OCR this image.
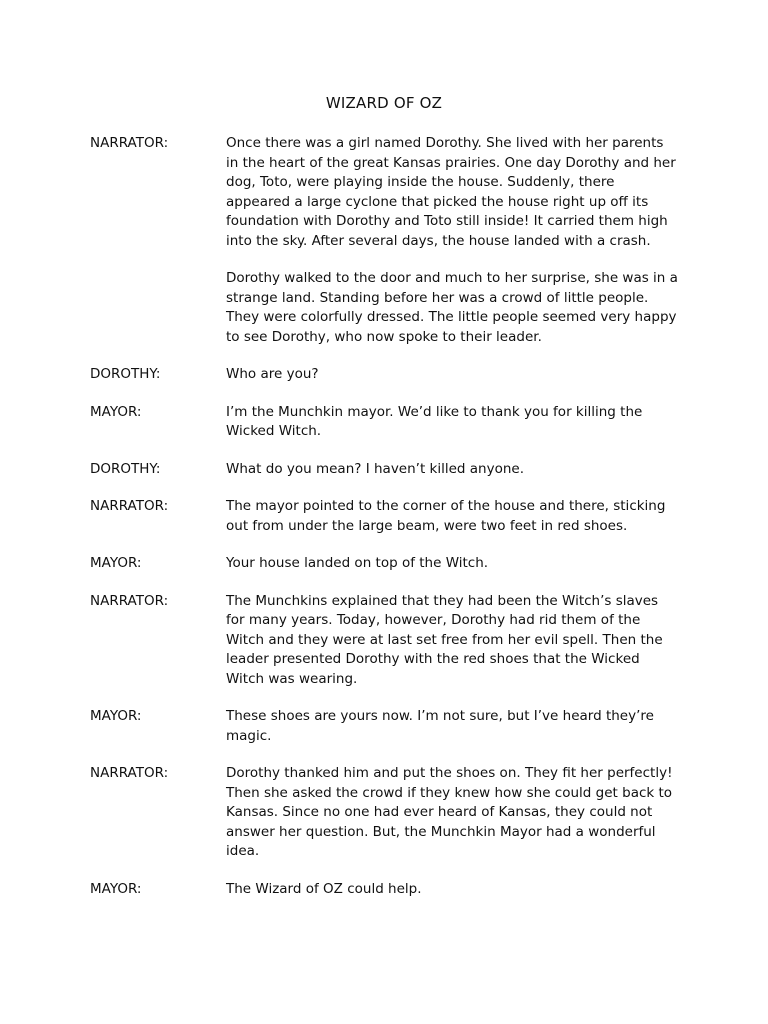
WIZARD OF OZ
NARRATOR:	Once there was a girl named Dorothy. She lived with her parents in the heart of the great Kansas prairies. One day Dorothy and her dog, Toto, were playing inside the house. Suddenly, there appeared a large cyclone that picked the house right up off its foundation with Dorothy and Toto still inside! It carried them high into the sky. After several days, the house landed with a crash.

Dorothy walked to the door and much to her surprise, she was in a strange land. Standing before her was a crowd of little people. They were colorfully dressed. The little people seemed very happy to see Dorothy, who now spoke to their leader.

DOROTHY:	Who are you?

MAYOR:	I’m the Munchkin mayor. We’d like to thank you for killing the Wicked Witch.

DOROTHY:	What do you mean? I haven’t killed anyone.

NARRATOR:	The mayor pointed to the corner of the house and there, sticking out from under the large beam, were two feet in red shoes.

MAYOR:	Your house landed on top of the Witch.

NARRATOR:	The Munchkins explained that they had been the Witch’s slaves for many years. Today, however, Dorothy had rid them of the Witch and they were at last set free from her evil spell. Then the leader presented Dorothy with the red shoes that the Wicked Witch was wearing.

MAYOR:	These shoes are yours now. I’m not sure, but I’ve heard they’re magic.

NARRATOR:	Dorothy thanked him and put the shoes on. They fit her perfectly! Then she asked the crowd if they knew how she could get back to Kansas. Since no one had ever heard of Kansas, they could not answer her question. But, the Munchkin Mayor had a wonderful idea.

MAYOR:	The Wizard of OZ could help.
